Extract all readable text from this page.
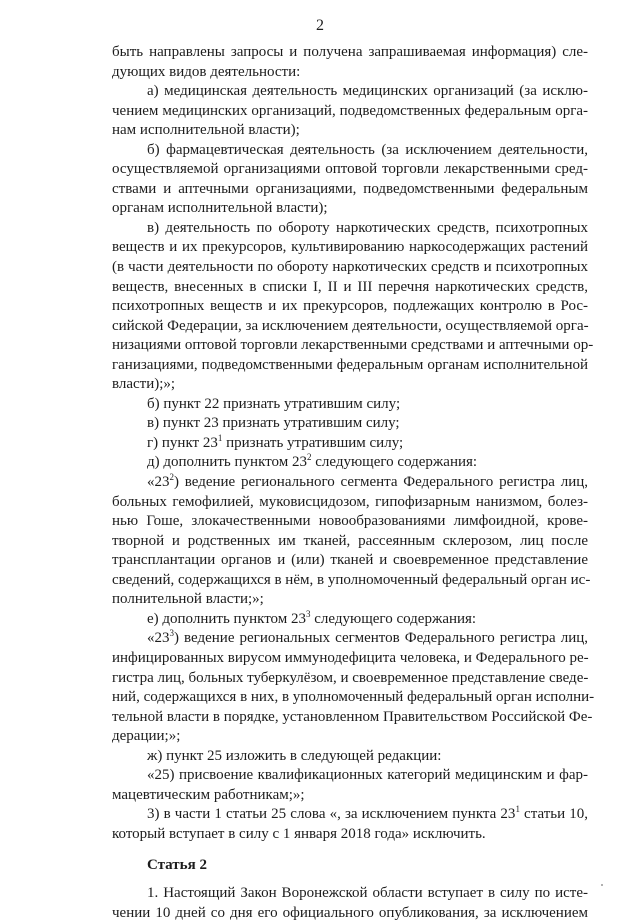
2
быть направлены запросы и получена запрашиваемая информация) сле-
дующих видов деятельности:
а) медицинская деятельность медицинских организаций (за исклю-
чением медицинских организаций, подведомственных федеральным орга-
нам исполнительной власти);
б) фармацевтическая деятельность (за исключением деятельности,
осуществляемой организациями оптовой торговли лекарственными сред-
ствами и аптечными организациями, подведомственными федеральным
органам исполнительной власти);
в) деятельность по обороту наркотических средств, психотропных
веществ и их прекурсоров, культивированию наркосодержащих растений
(в части деятельности по обороту наркотических средств и психотропных
веществ, внесенных в списки I, II и III перечня наркотических средств,
психотропных веществ и их прекурсоров, подлежащих контролю в Рос-
сийской Федерации, за исключением деятельности, осуществляемой орга-
низациями оптовой торговли лекарственными средствами и аптечными ор-
ганизациями, подведомственными федеральным органам исполнительной
власти);»;
б) пункт 22 признать утратившим силу;
в) пункт 23 признать утратившим силу;
г) пункт $23^1$ признать утратившим силу;
д) дополнить пунктом $23^2$ следующего содержания:
«$23^2$) ведение регионального сегмента Федерального регистра лиц,
больных гемофилией, муковисцидозом, гипофизарным нанизмом, болез-
нью Гоше, злокачественными новообразованиями лимфоидной, крове-
творной и родственных им тканей, рассеянным склерозом, лиц после
трансплантации органов и (или) тканей и своевременное представление
сведений, содержащихся в нём, в уполномоченный федеральный орган ис-
полнительной власти;»;
е) дополнить пунктом $23^3$ следующего содержания:
«$23^3$) ведение региональных сегментов Федерального регистра лиц,
инфицированных вирусом иммунодефицита человека, и Федерального ре-
гистра лиц, больных туберкулёзом, и своевременное представление сведе-
ний, содержащихся в них, в уполномоченный федеральный орган исполни-
тельной власти в порядке, установленном Правительством Российской Фе-
дерации;»;
ж) пункт 25 изложить в следующей редакции:
«25) присвоение квалификационных категорий медицинским и фар-
мацевтическим работникам;»;
3) в части 1 статьи 25 слова «, за исключением пункта $23^1$ статьи 10,
который вступает в силу с 1 января 2018 года» исключить.
Статья 2
1. Настоящий Закон Воронежской области вступает в силу по истe-
чении 10 дней со дня его официального опубликования, за исключением
